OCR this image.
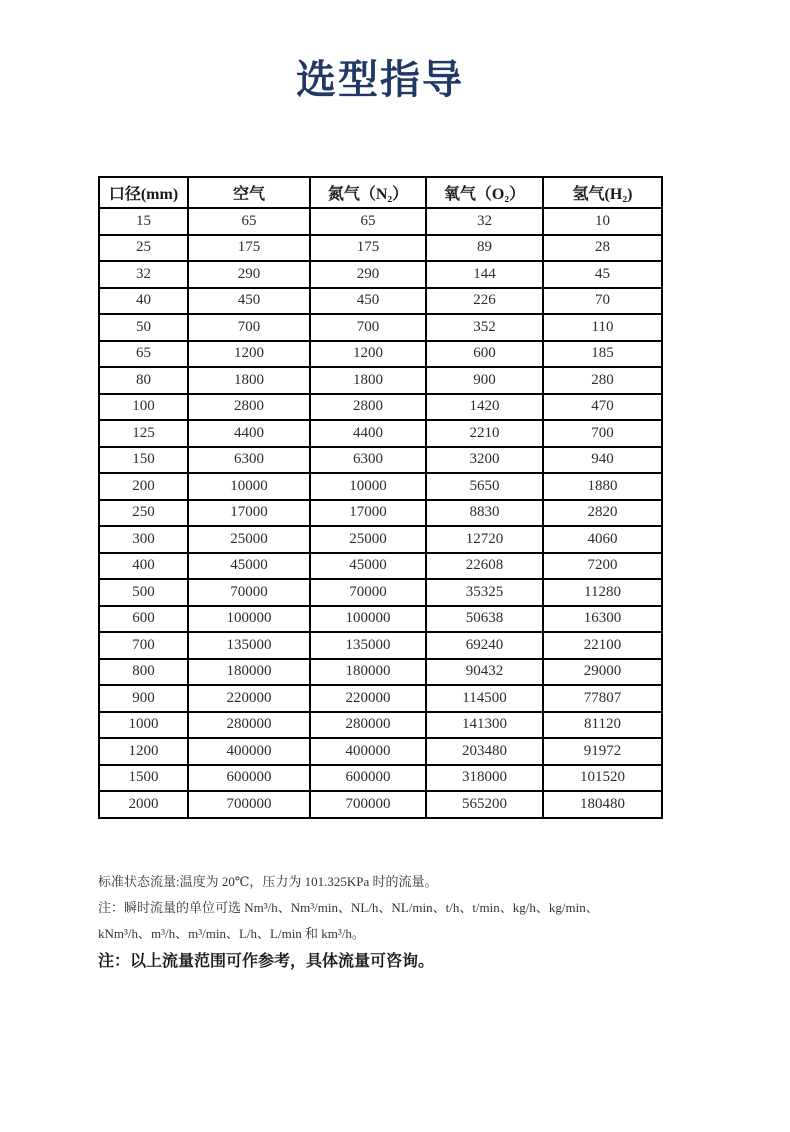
选型指导
口径(mm)	空气	氮气（N₂）	氧气（O₂）	氢气(H₂)
15	65	65	32	10
25	175	175	89	28
32	290	290	144	45
40	450	450	226	70
50	700	700	352	110
65	1200	1200	600	185
80	1800	1800	900	280
100	2800	2800	1420	470
125	4400	4400	2210	700
150	6300	6300	3200	940
200	10000	10000	5650	1880
250	17000	17000	8830	2820
300	25000	25000	12720	4060
400	45000	45000	22608	7200
500	70000	70000	35325	11280
600	100000	100000	50638	16300
700	135000	135000	69240	22100
800	180000	180000	90432	29000
900	220000	220000	114500	77807
1000	280000	280000	141300	81120
1200	400000	400000	203480	91972
1500	600000	600000	318000	101520
2000	700000	700000	565200	180480
标准状态流量:温度为 20℃，压力为 101.325KPa 时的流量。
注：瞬时流量的单位可选 Nm³/h、Nm³/min、NL/h、NL/min、t/h、t/min、kg/h、kg/min、
kNm³/h、m³/h、m³/min、L/h、L/min 和 km³/h。
注：以上流量范围可作参考，具体流量可咨询。
